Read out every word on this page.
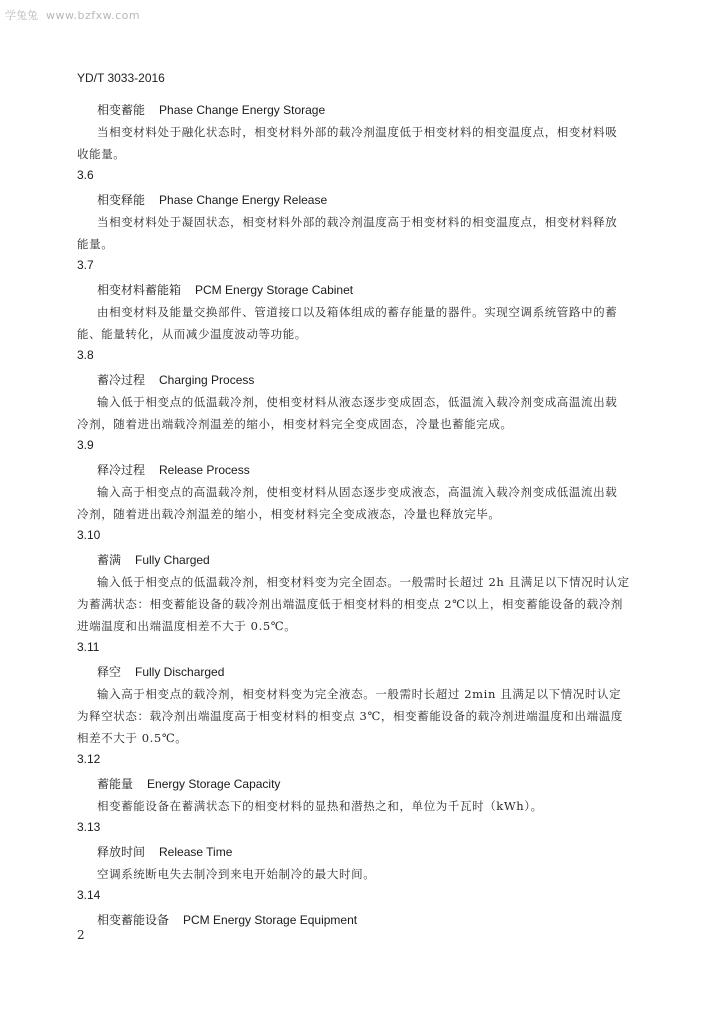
学兔兔 www.bzfxw.com
YD/T 3033-2016
相变蓄能 Phase Change Energy Storage
当相变材料处于融化状态时，相变材料外部的载冷剂温度低于相变材料的相变温度点，相变材料吸
收能量。
3.6
相变释能 Phase Change Energy Release
当相变材料处于凝固状态，相变材料外部的载冷剂温度高于相变材料的相变温度点，相变材料释放
能量。
3.7
相变材料蓄能箱 PCM Energy Storage Cabinet
由相变材料及能量交换部件、管道接口以及箱体组成的蓄存能量的器件。实现空调系统管路中的蓄
能、能量转化，从而减少温度波动等功能。
3.8
蓄冷过程 Charging Process
输入低于相变点的低温载冷剂，使相变材料从液态逐步变成固态，低温流入载冷剂变成高温流出载
冷剂，随着进出端载冷剂温差的缩小，相变材料完全变成固态，冷量也蓄能完成。
3.9
释冷过程 Release Process
输入高于相变点的高温载冷剂，使相变材料从固态逐步变成液态，高温流入载冷剂变成低温流出载
冷剂，随着进出载冷剂温差的缩小，相变材料完全变成液态，冷量也释放完毕。
3.10
蓄满 Fully Charged
输入低于相变点的低温载冷剂，相变材料变为完全固态。一般需时长超过 2h 且满足以下情况时认定
为蓄满状态：相变蓄能设备的载冷剂出端温度低于相变材料的相变点 2℃以上，相变蓄能设备的载冷剂
进端温度和出端温度相差不大于 0.5℃。
3.11
释空 Fully Discharged
输入高于相变点的载冷剂，相变材料变为完全液态。一般需时长超过 2min 且满足以下情况时认定
为释空状态：载冷剂出端温度高于相变材料的相变点 3℃，相变蓄能设备的载冷剂进端温度和出端温度
相差不大于 0.5℃。
3.12
蓄能量 Energy Storage Capacity
相变蓄能设备在蓄满状态下的相变材料的显热和潜热之和，单位为千瓦时（kWh）。
3.13
释放时间 Release Time
空调系统断电失去制冷到来电开始制冷的最大时间。
3.14
相变蓄能设备 PCM Energy Storage Equipment
2
